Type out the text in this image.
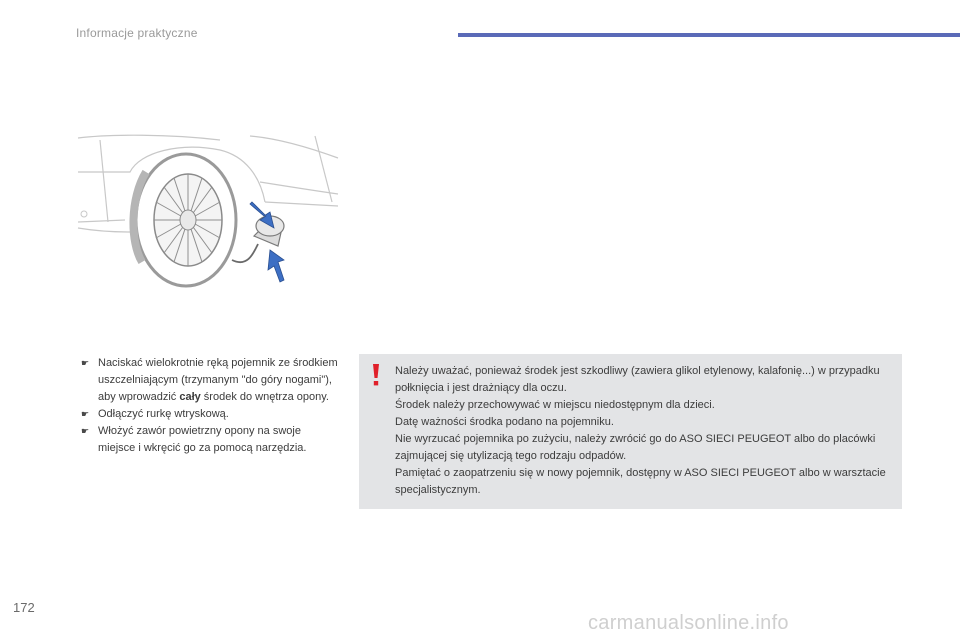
Informacje praktyczne
☛ Naciskać wielokrotnie ręką pojemnik ze środkiem uszczelniającym (trzymanym "do góry nogami"), aby wprowadzić cały środek do wnętrza opony.
☛ Odłączyć rurkę wtryskową.
☛ Włożyć zawór powietrzny opony na swoje miejsce i wkręcić go za pomocą narzędzia.

Należy uważać, ponieważ środek jest szkodliwy (zawiera glikol etylenowy, kalafonię...) w przypadku połknięcia i jest drażniący dla oczu.

Środek należy przechowywać w miejscu niedostępnym dla dzieci.

Datę ważności środka podano na pojemniku.

Nie wyrzucać pojemnika po zużyciu, należy zwrócić go do ASO SIECI PEUGEOT albo do placówki zajmującej się utylizacją tego rodzaju odpadów.

Pamiętać o zaopatrzeniu się w nowy pojemnik, dostępny w ASO SIECI PEUGEOT albo w warsztacie specjalistycznym.

172
carmanualsonline.info
